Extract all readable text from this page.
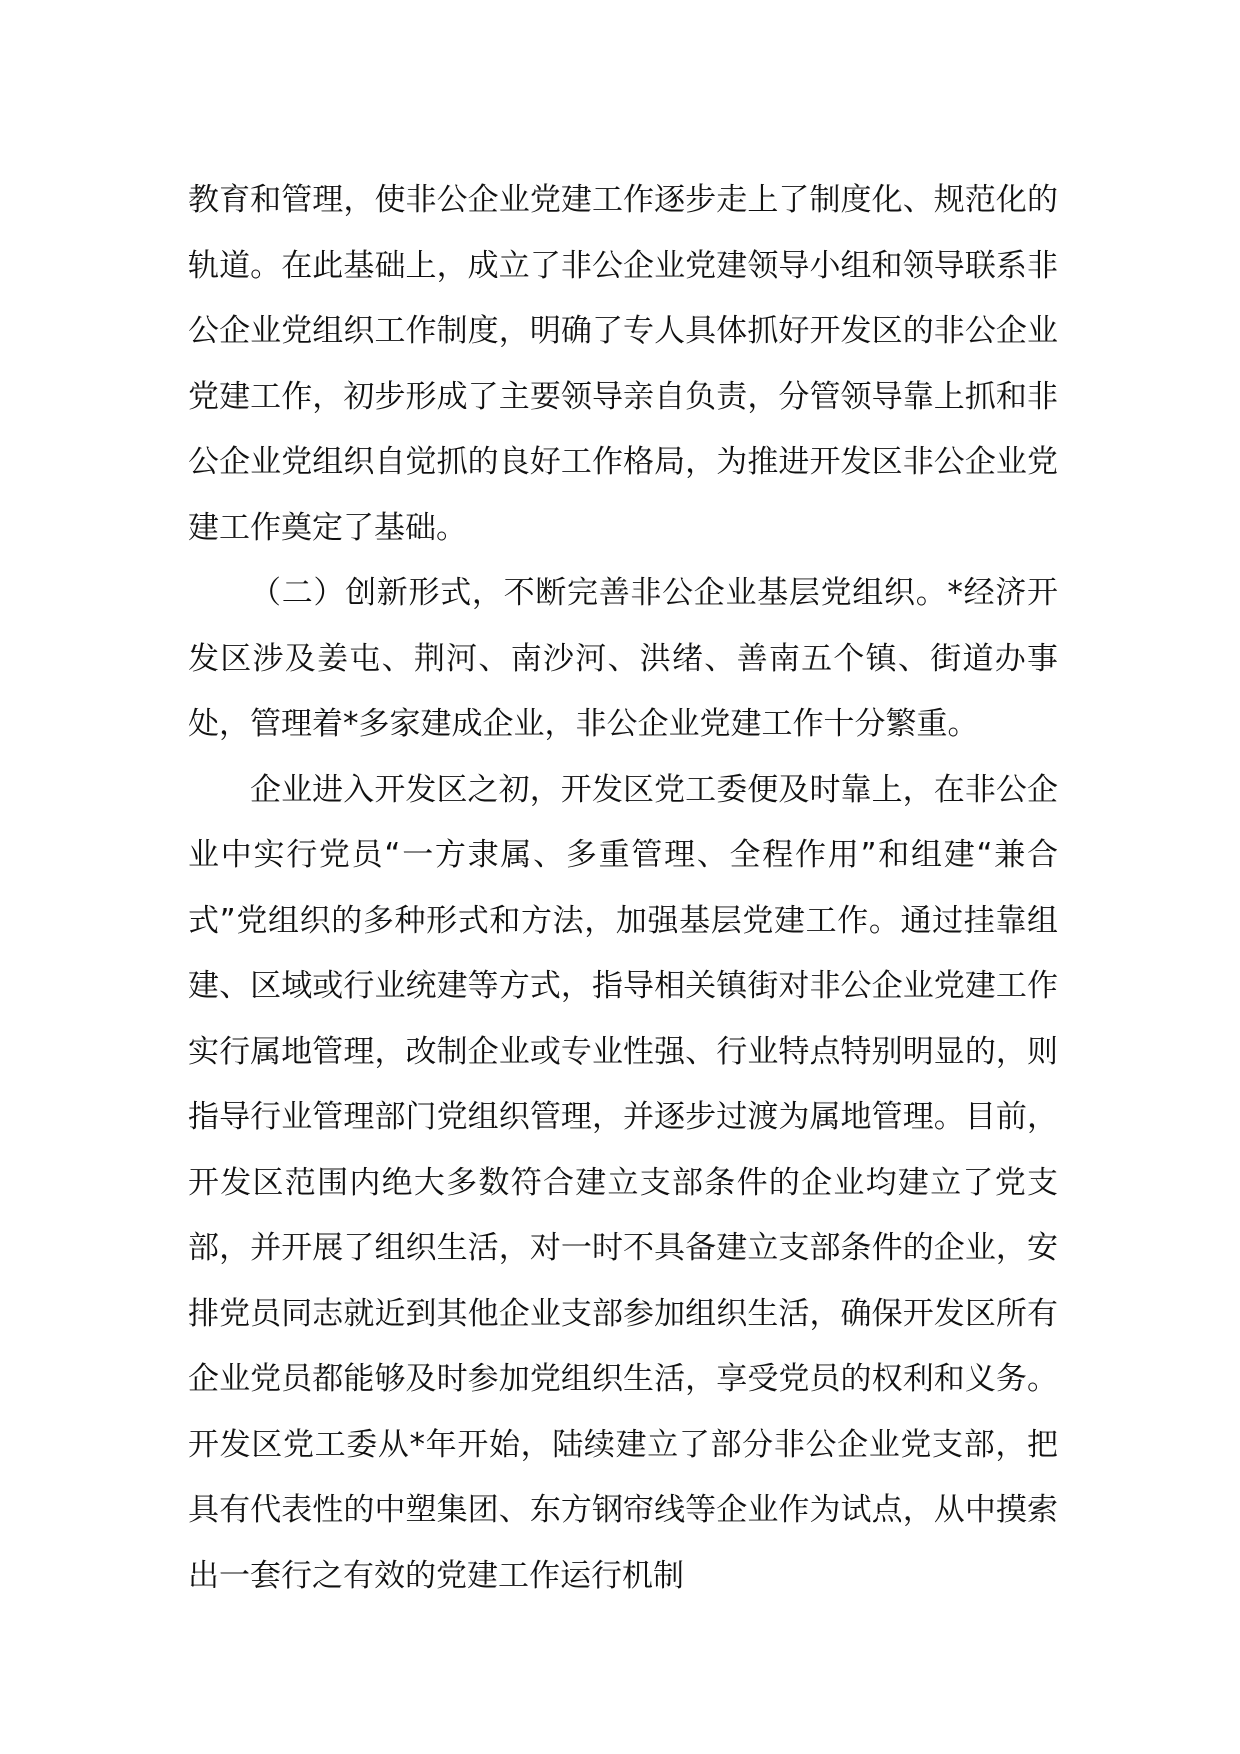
教育和管理，使非公企业党建工作逐步走上了制度化、规范化的轨道。在此基础上，成立了非公企业党建领导小组和领导联系非公企业党组织工作制度，明确了专人具体抓好开发区的非公企业党建工作，初步形成了主要领导亲自负责，分管领导靠上抓和非公企业党组织自觉抓的良好工作格局，为推进开发区非公企业党建工作奠定了基础。

（二）创新形式，不断完善非公企业基层党组织。*经济开发区涉及姜屯、荆河、南沙河、洪绪、善南五个镇、街道办事处，管理着*多家建成企业，非公企业党建工作十分繁重。

企业进入开发区之初，开发区党工委便及时靠上，在非公企业中实行党员“一方隶属、多重管理、全程作用”和组建“兼合式”党组织的多种形式和方法，加强基层党建工作。通过挂靠组建、区域或行业统建等方式，指导相关镇街对非公企业党建工作实行属地管理，改制企业或专业性强、行业特点特别明显的，则指导行业管理部门党组织管理，并逐步过渡为属地管理。目前，开发区范围内绝大多数符合建立支部条件的企业均建立了党支部，并开展了组织生活，对一时不具备建立支部条件的企业，安排党员同志就近到其他企业支部参加组织生活，确保开发区所有企业党员都能够及时参加党组织生活，享受党员的权利和义务。开发区党工委从*年开始，陆续建立了部分非公企业党支部，把具有代表性的中塑集团、东方钢帘线等企业作为试点，从中摸索出一套行之有效的党建工作运行机制
